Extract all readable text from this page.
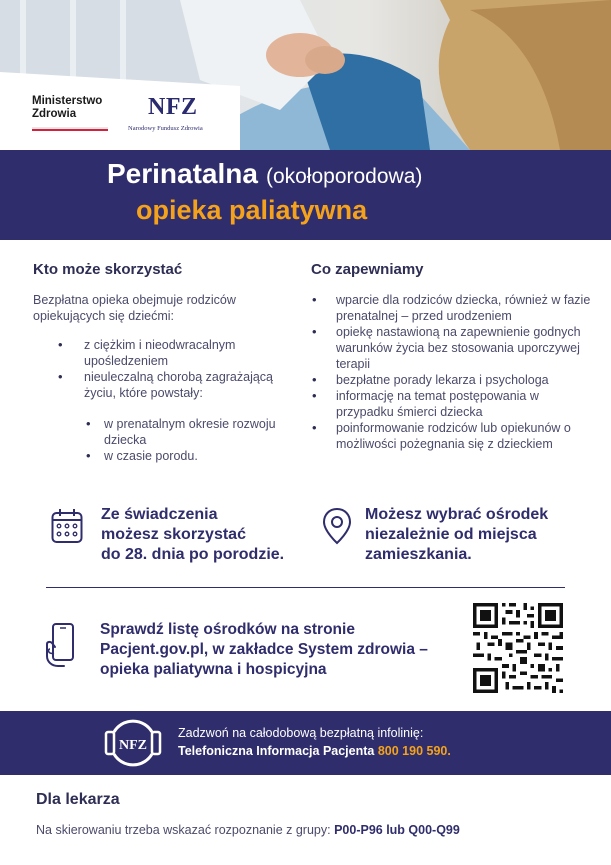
Ministerstwo
Zdrowia	NFZ
Narodowy Fundusz Zdrowia
Perinatalna (okołoporodowa)
opieka paliatywna
Kto może skorzystać
Bezpłatna opieka obejmuje rodziców opiekujących się dziećmi:
• z ciężkim i nieodwracalnym upośledzeniem
• nieuleczalną chorobą zagrażającą życiu, które powstały:
• w prenatalnym okresie rozwoju dziecka
• w czasie porodu.
Co zapewniamy
• wparcie dla rodziców dziecka, również w fazie prenatalnej – przed urodzeniem
• opiekę nastawioną na zapewnienie godnych warunków życia bez stosowania uporczywej terapii
• bezpłatne porady lekarza i psychologa
• informację na temat postępowania w przypadku śmierci dziecka
• poinformowanie rodziców lub opiekunów o możliwości pożegnania się z dzieckiem
Ze świadczenia
możesz skorzystać
do 28. dnia po porodzie.
Możesz wybrać ośrodek
niezależnie od miejsca
zamieszkania.
Sprawdź listę ośrodków na stronie
Pacjent.gov.pl, w zakładce System zdrowia –
opieka paliatywna i hospicyjna
NFZ
Zadzwoń na całodobową bezpłatną infolinię:
Telefoniczna Informacja Pacjenta 800 190 590.
Dla lekarza
Na skierowaniu trzeba wskazać rozpoznanie z grupy: P00-P96 lub Q00-Q99
